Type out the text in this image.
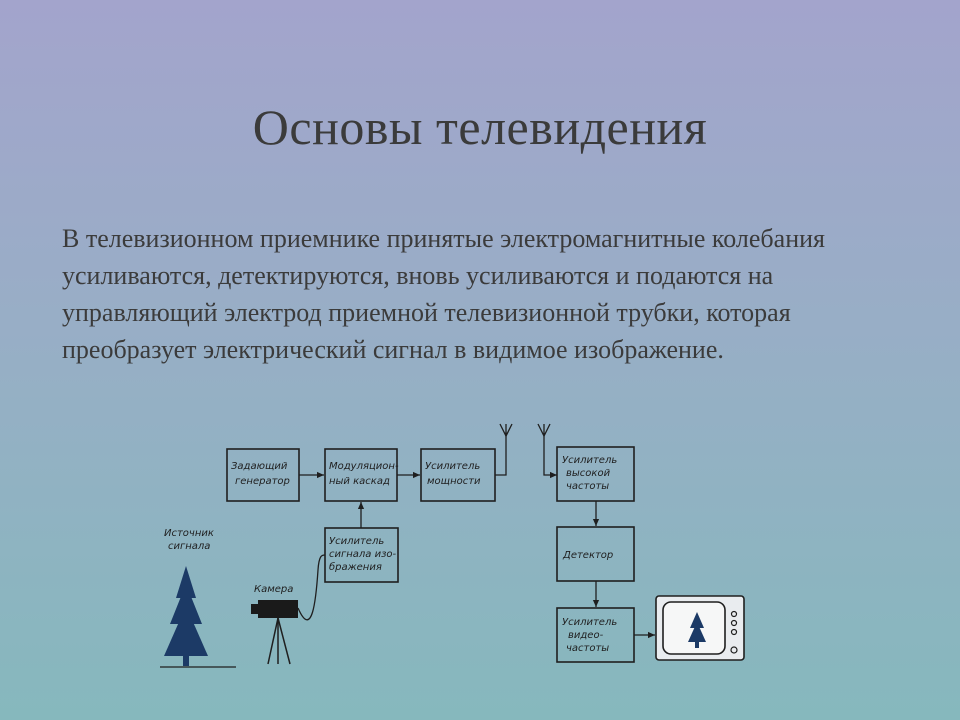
Основы телевидения
В телевизионном приемнике принятые электромагнитные колебания усиливаются, детектируются, вновь усиливаются и подаются на управляющий электрод приемной телевизионной трубки, которая преобразует электрический сигнал в видимое изображение.
Задающий
генератор
Модуляцион-
ный каскад
Усилитель
мощности
Усилитель
сигнала изо-
бражения
Источник
сигнала
Камера
Усилитель
высокой
частоты
Детектор
Усилитель
видео-
частоты
